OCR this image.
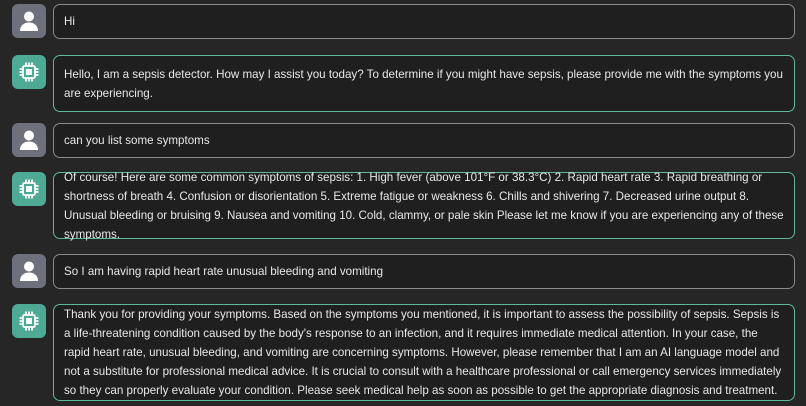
Hi
Hello, I am a sepsis detector. How may I assist you today? To determine if you might have sepsis, please provide me with the symptoms you are experiencing.
can you list some symptoms
Of course! Here are some common symptoms of sepsis: 1. High fever (above 101°F or 38.3°C) 2. Rapid heart rate 3. Rapid breathing or shortness of breath 4. Confusion or disorientation 5. Extreme fatigue or weakness 6. Chills and shivering 7. Decreased urine output 8. Unusual bleeding or bruising 9. Nausea and vomiting 10. Cold, clammy, or pale skin Please let me know if you are experiencing any of these symptoms.
So I am having rapid heart rate unusual bleeding and vomiting
Thank you for providing your symptoms. Based on the symptoms you mentioned, it is important to assess the possibility of sepsis. Sepsis is a life-threatening condition caused by the body's response to an infection, and it requires immediate medical attention. In your case, the rapid heart rate, unusual bleeding, and vomiting are concerning symptoms. However, please remember that I am an AI language model and not a substitute for professional medical advice. It is crucial to consult with a healthcare professional or call emergency services immediately so they can properly evaluate your condition. Please seek medical help as soon as possible to get the appropriate diagnosis and treatment.
